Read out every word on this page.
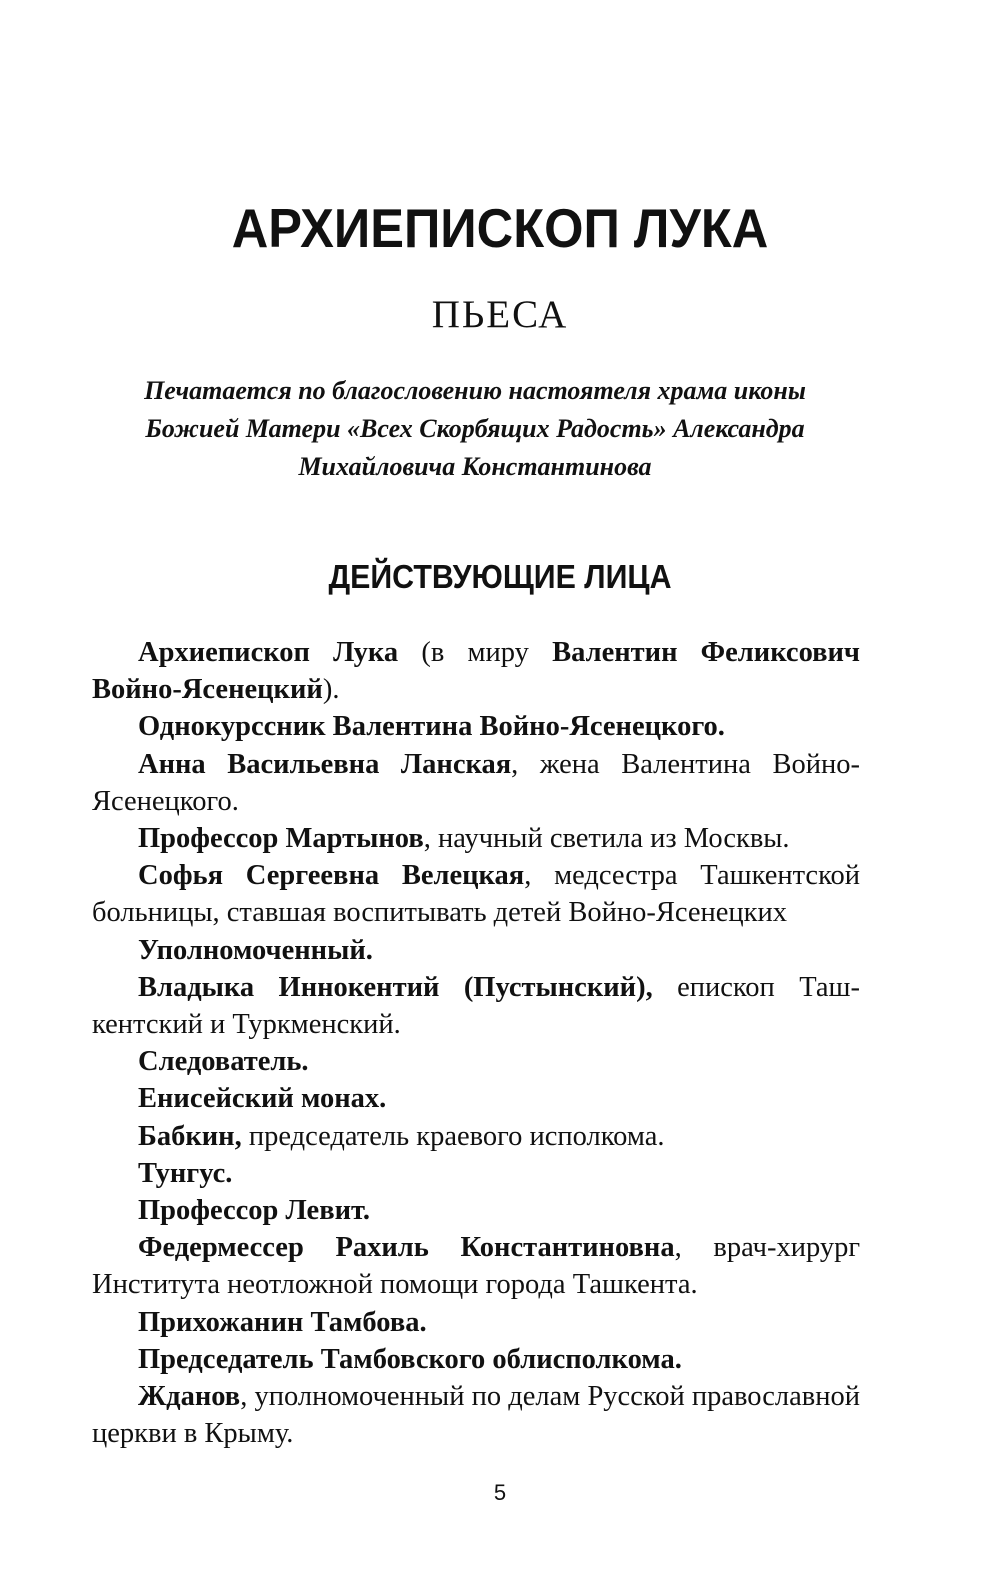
АРХИЕПИСКОП ЛУКА
ПЬЕСА

Печатается по благословению настоятеля храма иконы
Божией Матери «Всех Скорбящих Радость» Александра
Михайловича Константинова

ДЕЙСТВУЮЩИЕ ЛИЦА
Архиепископ Лука (в миру Валентин Феликсович Войно-Ясенецкий).
Однокурссник Валентина Войно-Ясенецкого.
Анна Васильевна Ланская, жена Валентина Войно-Ясенецкого.
Профессор Мартынов, научный светила из Москвы.
Софья Сергеевна Велецкая, медсестра Ташкентской больницы, ставшая воспитывать детей Войно-Ясенецких
Уполномоченный.
Владыка Иннокентий (Пустынский), епископ Ташкентский и Туркменский.
Следователь.
Енисейский монах.
Бабкин, председатель краевого исполкома.
Тунгус.
Профессор Левит.
Федермессер Рахиль Константиновна, врач-хирург Института неотложной помощи города Ташкента.
Прихожанин Тамбова.
Председатель Тамбовского облисполкома.
Жданов, уполномоченный по делам Русской православной церкви в Крыму.
5
